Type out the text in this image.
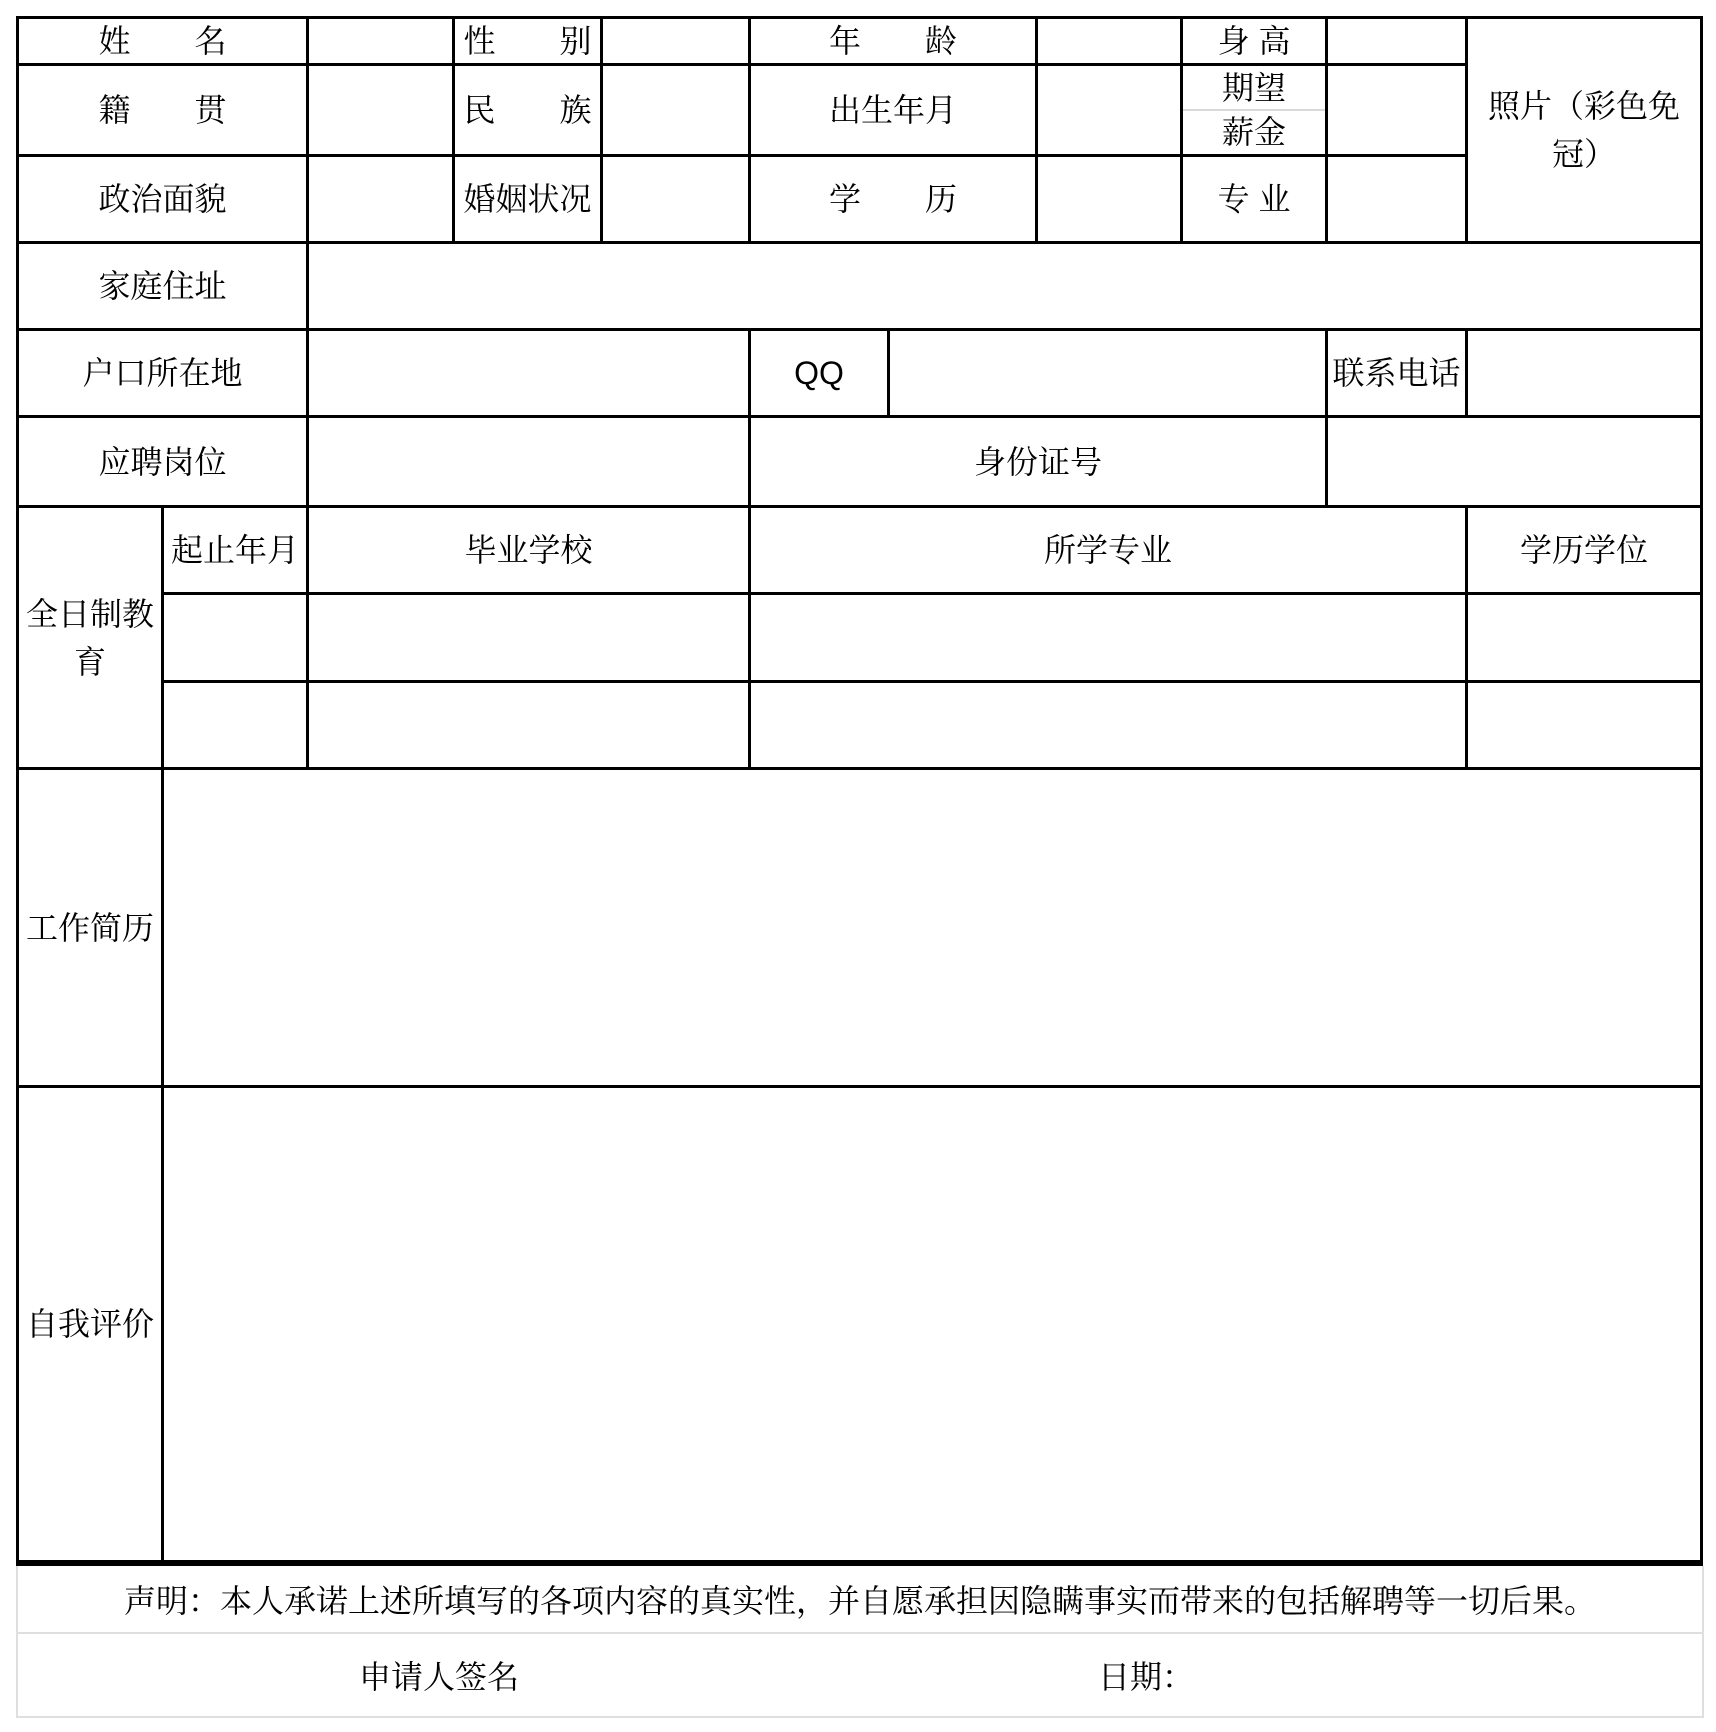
姓　　名			性　　别		年　　龄			身 高		照片（彩色免冠）

籍　　贯			民　　族		出生年月			期望
薪金		

政治面貌			婚姻状况		学　　历			专 业		
家庭住址										
户口所在地					QQ				联系电话	
应聘岗位					身份证号					

全日制教育	起止年月	毕业学校			所学专业					学历学位

工作简历										
自我评价										
声明：本人承诺上述所填写的各项内容的真实性，并自愿承担因隐瞒事实而带来的包括解聘等一切后果。
申请人签名	日期：
